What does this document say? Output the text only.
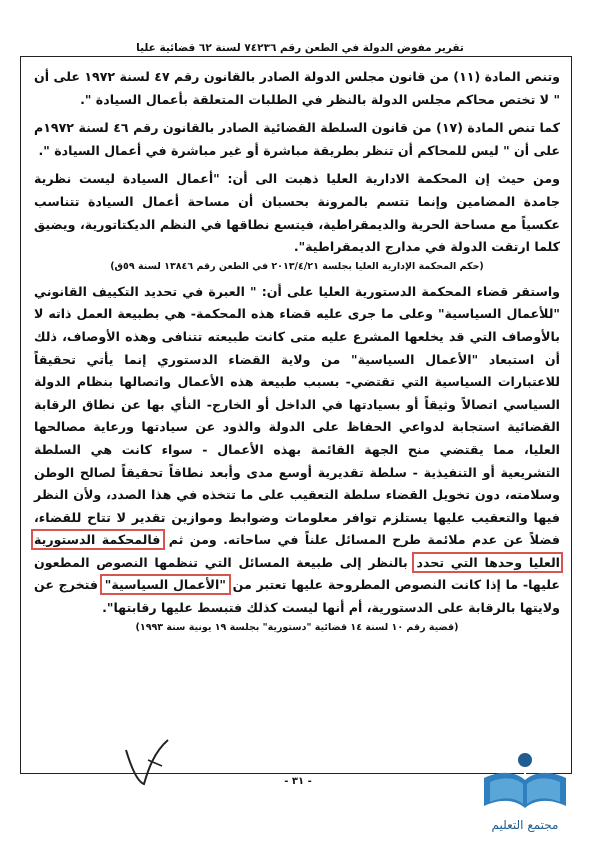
تقرير مفوض الدولة في الطعن رقم ٧٤٢٣٦ لسنة ٦٢ قضائية عليا

وتنص المادة (١١) من قانون مجلس الدولة الصادر بالقانون رقم ٤٧ لسنة ١٩٧٢ على أن " لا تختص محاكم مجلس الدولة بالنظر في الطلبات المتعلقة بأعمال السيادة ".

كما تنص المادة (١٧) من قانون السلطة القضائية الصادر بالقانون رقم ٤٦ لسنة ١٩٧٢م على أن " ليس للمحاكم أن تنظر بطريقة مباشرة أو غير مباشرة في أعمال السيادة ".

ومن حيث إن المحكمة الادارية العليا ذهبت الى أن: "أعمال السيادة ليست نظرية جامدة المضامين وإنما تتسم بالمرونة بحسبان أن مساحة أعمال السيادة تتناسب عكسياً مع مساحة الحرية والديمقراطية، فيتسع نطاقها في النظم الديكتاتورية، ويضيق كلما ارتقت الدولة في مدارج الديمقراطية".

(حكم المحكمة الإدارية العليا بجلسة ٢٠١٣/٤/٢١ في الطعن رقم ١٣٨٤٦ لسنة ٥٩ق)

واستقر قضاء المحكمة الدستورية العليا على أن: " العبرة في تحديد التكييف القانوني "للأعمال السياسية" وعلى ما جرى عليه قضاء هذه المحكمة- هي بطبيعة العمل ذاته لا بالأوصاف التي قد يخلعها المشرع عليه متى كانت طبيعته تتنافى وهذه الأوصاف، ذلك أن استبعاد "الأعمال السياسية" من ولاية القضاء الدستوري إنما يأتي تحقيقاً للاعتبارات السياسية التي تقتضي- بسبب طبيعة هذه الأعمال واتصالها بنظام الدولة السياسي اتصالاً وثيقاً أو بسيادتها في الداخل أو الخارج- النأي بها عن نطاق الرقابة القضائية استجابة لدواعي الحفاظ على الدولة والذود عن سيادتها ورعاية مصالحها العليا، مما يقتضي منح الجهة القائمة بهذه الأعمال - سواء كانت هي السلطة التشريعية أو التنفيذية - سلطة تقديرية أوسع مدى وأبعد نطاقاً تحقيقاً لصالح الوطن وسلامته، دون تخويل القضاء سلطة التعقيب على ما تتخذه في هذا الصدد، ولأن النظر فيها والتعقيب عليها يستلزم توافر معلومات وضوابط وموازين تقدير لا تتاح للقضاء، فضلاً عن عدم ملائمة طرح المسائل علناً في ساحاته. ومن ثم فالمحكمة الدستورية العليا وحدها التي تحدد بالنظر إلى طبيعة المسائل التي تنظمها النصوص المطعون عليها- ما إذا كانت النصوص المطروحة عليها تعتبر من "الأعمال السياسية" فتخرج عن ولايتها بالرقابة على الدستورية، أم أنها ليست كذلك فتبسط عليها رقابتها".

(قضية رقم ١٠ لسنة ١٤ قضائية "دستورية" بجلسة ١٩ يونية سنة ١٩٩٣)

- ٣١ -
مجتمع التعليم
